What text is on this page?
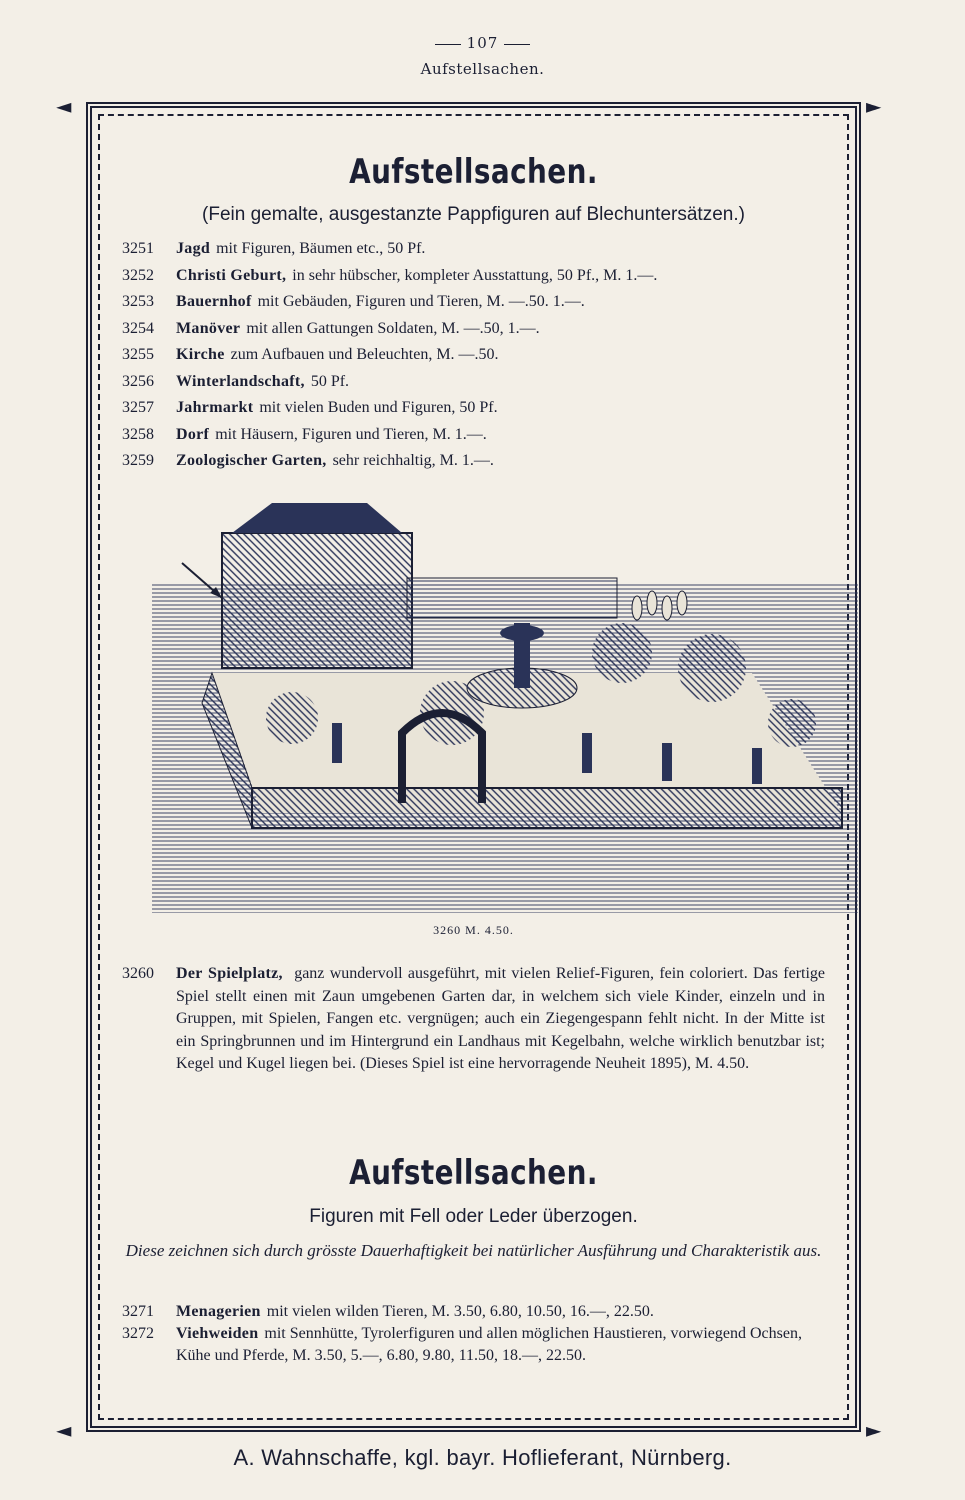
107
Aufstellsachen.
◄	►
◄	►
Aufstellsachen.
(Fein gemalte, ausgestanzte Pappfiguren auf Blechuntersätzen.)
3251	Jagd mit Figuren, Bäumen etc., 50 Pf.
3252	Christi Geburt, in sehr hübscher, kompleter Ausstattung, 50 Pf., M. 1.—.
3253	Bauernhof mit Gebäuden, Figuren und Tieren, M. —.50. 1.—.
3254	Manöver mit allen Gattungen Soldaten, M. —.50, 1.—.
3255	Kirche zum Aufbauen und Beleuchten, M. —.50.
3256	Winterlandschaft, 50 Pf.
3257	Jahrmarkt mit vielen Buden und Figuren, 50 Pf.
3258	Dorf mit Häusern, Figuren und Tieren, M. 1.—.
3259	Zoologischer Garten, sehr reichhaltig, M. 1.—.
3260 M. 4.50.
3260	Der Spielplatz, ganz wundervoll ausgeführt, mit vielen Relief-Figuren, fein coloriert. Das fertige Spiel stellt einen mit Zaun umgebenen Garten dar, in welchem sich viele Kinder, einzeln und in Gruppen, mit Spielen, Fangen etc. vergnügen; auch ein Ziegengespann fehlt nicht. In der Mitte ist ein Springbrunnen und im Hintergrund ein Landhaus mit Kegelbahn, welche wirklich benutzbar ist; Kegel und Kugel liegen bei. (Dieses Spiel ist eine hervorragende Neuheit 1895), M. 4.50.
Aufstellsachen.
Figuren mit Fell oder Leder überzogen.
Diese zeichnen sich durch grösste Dauerhaftigkeit bei natürlicher Ausführung und Charakteristik aus.
3271	Menagerien mit vielen wilden Tieren, M. 3.50, 6.80, 10.50, 16.—, 22.50.
3272	Viehweiden mit Sennhütte, Tyrolerfiguren und allen möglichen Haustieren, vorwiegend Ochsen, Kühe und Pferde, M. 3.50, 5.—, 6.80, 9.80, 11.50, 18.—, 22.50.
A. Wahnschaffe, kgl. bayr. Hoflieferant, Nürnberg.
